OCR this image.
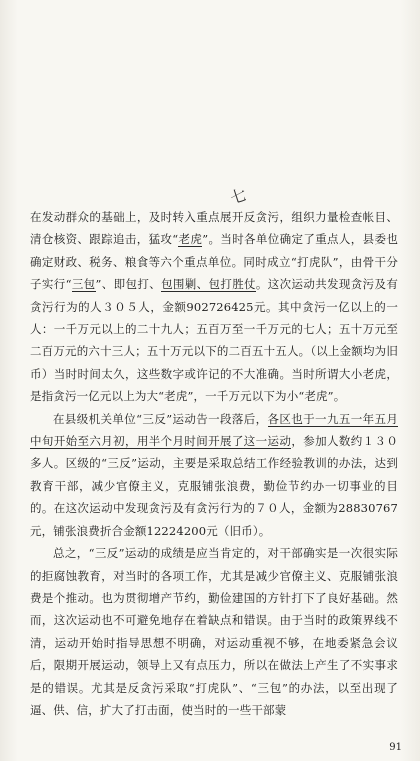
七

在发动群众的基础上，及时转入重点展开反贪污，组织力量检查帐目、清仓核资、跟踪追击，猛攻“老虎”。当时各单位确定了重点人，县委也确定财政、税务、粮食等六个重点单位。同时成立“打虎队”，由骨干分子实行“三包”、即包打、包围剿、包打胜仗。这次运动共发现贪污及有贪污行为的人３０５人，金额902726425元。其中贪污一亿以上的一人：一千万元以上的二十九人；五百万至一千万元的七人；五十万元至二百万元的六十三人；五十万元以下的二百五十五人。（以上金额均为旧币）当时时间太久，这些数字或许记的不大准确。当时所谓大小老虎，是指贪污一亿元以上为大“老虎”，一千万元以下为小“老虎”。

在县级机关单位“三反”运动告一段落后，各区也于一九五一年五月中旬开始至六月初，用半个月时间开展了这一运动，参加人数约１３０多人。区级的“三反”运动，主要是采取总结工作经验教训的办法，达到教育干部，减少官僚主义，克服铺张浪费，勤俭节约办一切事业的目的。在这次运动中发现贪污及有贪污行为的７０人，金额为28830767元，铺张浪费折合金额12224200元（旧币）。

总之，“三反”运动的成绩是应当肯定的，对干部确实是一次很实际的拒腐蚀教育，对当时的各项工作，尤其是减少官僚主义、克服铺张浪费是个推动。也为贯彻增产节约，勤俭建国的方针打下了良好基础。然而，这次运动也不可避免地存在着缺点和错误。由于当时的政策界线不清，运动开始时指导思想不明确，对运动重视不够，在地委紧急会议后，限期开展运动，领导上又有点压力，所以在做法上产生了不实事求是的错误。尤其是反贪污采取“打虎队”、“三包”的办法，以至出现了逼、供、信，扩大了打击面，使当时的一些干部蒙

91
